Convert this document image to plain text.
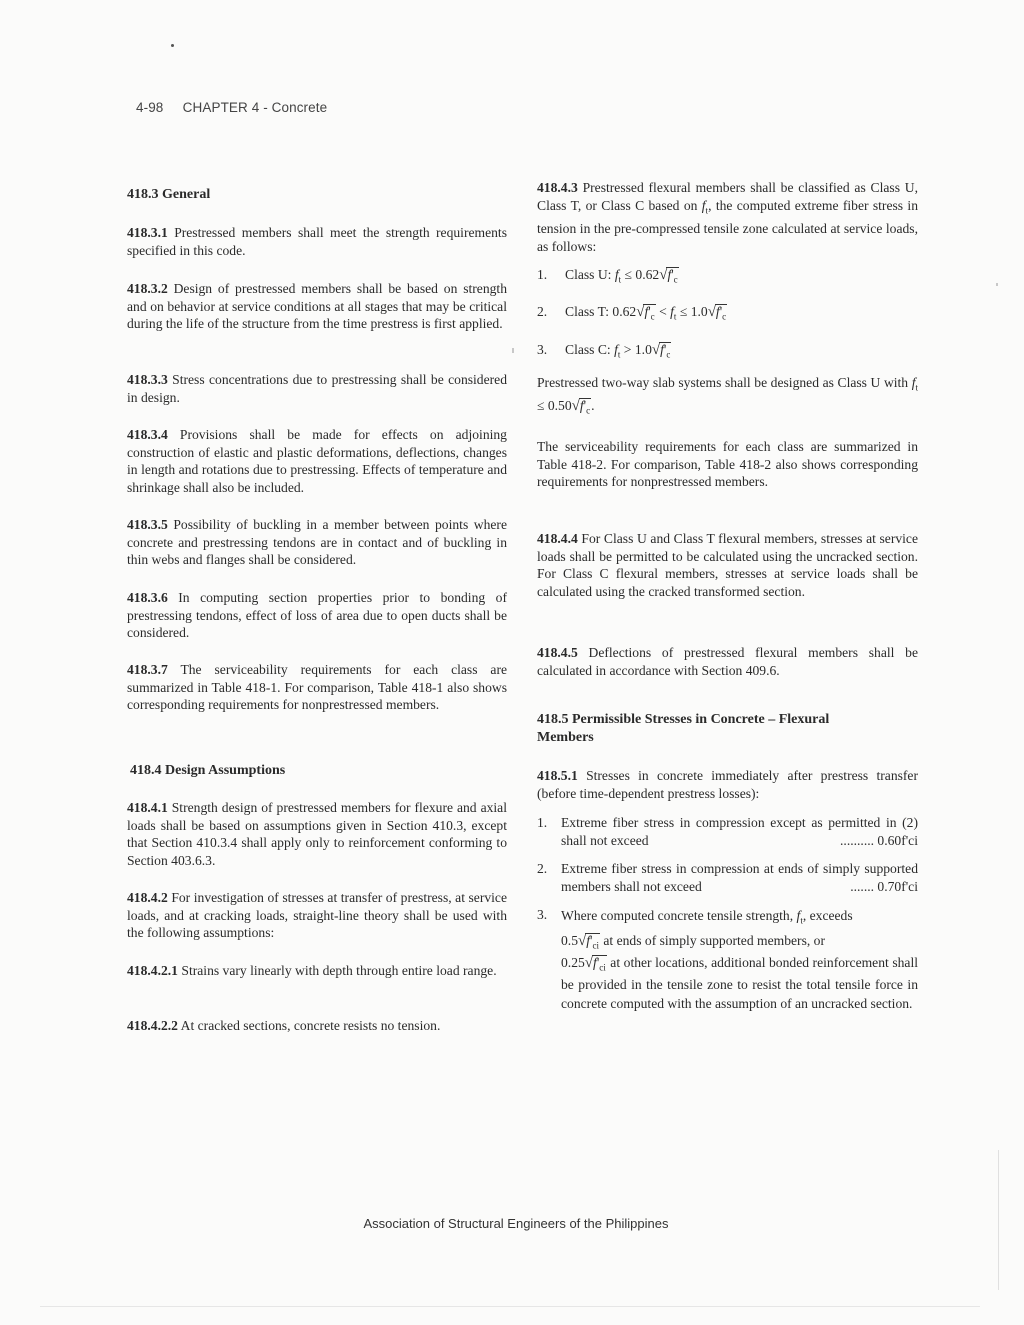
4-98     CHAPTER 4 - Concrete
418.3 General
418.3.1 Prestressed members shall meet the strength requirements specified in this code.
418.3.2 Design of prestressed members shall be based on strength and on behavior at service conditions at all stages that may be critical during the life of the structure from the time prestress is first applied.
418.3.3 Stress concentrations due to prestressing shall be considered in design.
418.3.4 Provisions shall be made for effects on adjoining construction of elastic and plastic deformations, deflections, changes in length and rotations due to prestressing. Effects of temperature and shrinkage shall also be included.
418.3.5 Possibility of buckling in a member between points where concrete and prestressing tendons are in contact and of buckling in thin webs and flanges shall be considered.
418.3.6 In computing section properties prior to bonding of prestressing tendons, effect of loss of area due to open ducts shall be considered.
418.3.7 The serviceability requirements for each class are summarized in Table 418-1. For comparison, Table 418-1 also shows corresponding requirements for nonprestressed members.
418.4 Design Assumptions
418.4.1 Strength design of prestressed members for flexure and axial loads shall be based on assumptions given in Section 410.3, except that Section 410.3.4 shall apply only to reinforcement conforming to Section 403.6.3.
418.4.2 For investigation of stresses at transfer of prestress, at service loads, and at cracking loads, straight-line theory shall be used with the following assumptions:
418.4.2.1 Strains vary linearly with depth through entire load range.
418.4.2.2 At cracked sections, concrete resists no tension.
418.4.3 Prestressed flexural members shall be classified as Class U, Class T, or Class C based on $f_t$, the computed extreme fiber stress in tension in the pre-compressed tensile zone calculated at service loads, as follows:
1. Class U: $f_t \le 0.62√f'_c$
2. Class T: $0.62√f'_c < f_t \le 1.0√f'_c$
3. Class C: $f_t > 1.0√f'_c$
Prestressed two-way slab systems shall be designed as Class U with $f_t \le 0.50√f'_c$.
The serviceability requirements for each class are summarized in Table 418-2. For comparison, Table 418-2 also shows corresponding requirements for nonprestressed members.
418.4.4 For Class U and Class T flexural members, stresses at service loads shall be permitted to be calculated using the uncracked section. For Class C flexural members, stresses at service loads shall be calculated using the cracked transformed section.
418.4.5 Deflections of prestressed flexural members shall be calculated in accordance with Section 409.6.
418.5 Permissible Stresses in Concrete – Flexural Members
418.5.1 Stresses in concrete immediately after prestress transfer (before time-dependent prestress losses):
1. Extreme fiber stress in compression except as permitted in (2) shall not exceed	.......... 0.60f'ci
2. Extreme fiber stress in compression at ends of simply supported members shall not exceed	....... 0.70f'ci
3. Where computed concrete tensile strength, $f_t$, exceeds
$0.5√f'_{ci}$ at ends of simply supported members, or
$0.25√f'_{ci}$ at other locations, additional bonded reinforcement shall be provided in the tensile zone to resist the total tensile force in concrete computed with the assumption of an uncracked section.
Association of Structural Engineers of the Philippines
